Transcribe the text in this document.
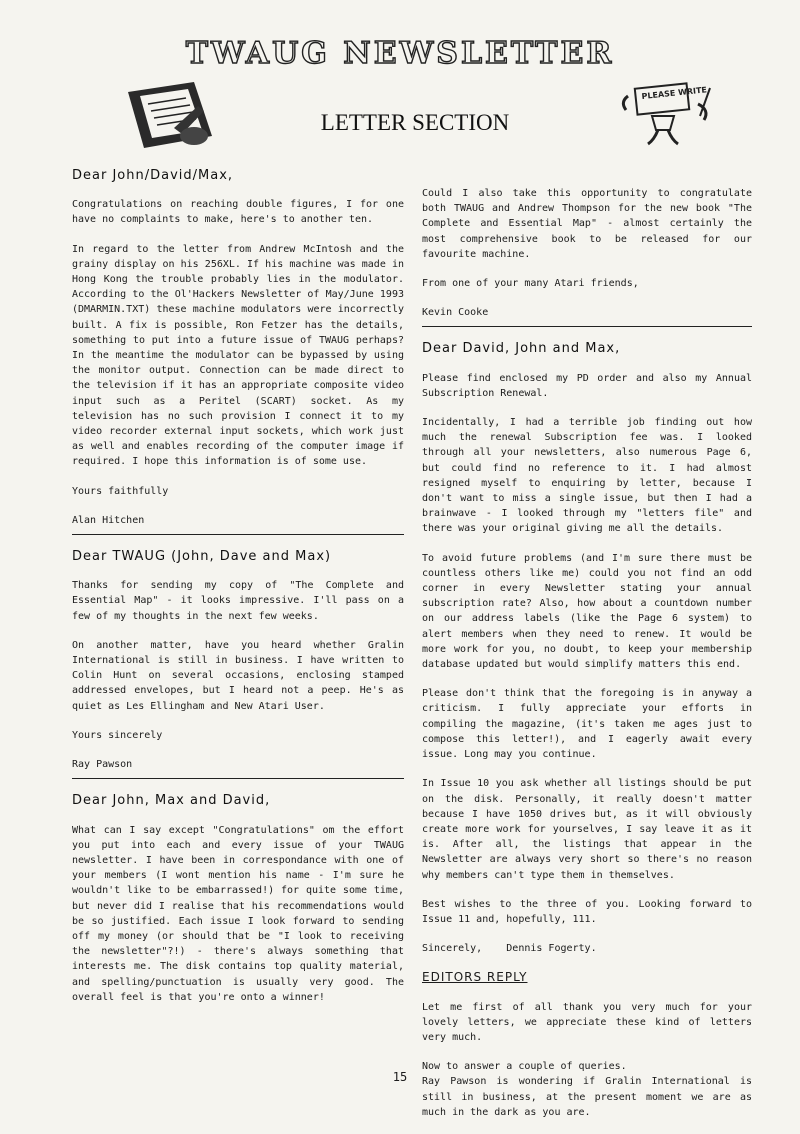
TWAUG NEWSLETTER
LETTER SECTION
PLEASE WRITE
Dear John/David/Max,

Congratulations on reaching double figures, I for one have no complaints to make, here's to another ten.

In regard to the letter from Andrew McIntosh and the grainy display on his 256XL. If his machine was made in Hong Kong the trouble probably lies in the modulator. According to the Ol'Hackers Newsletter of May/June 1993 (DMARMIN.TXT) these machine modulators were incorrectly built. A fix is possible, Ron Fetzer has the details, something to put into a future issue of TWAUG perhaps? In the meantime the modulator can be bypassed by using the monitor output. Connection can be made direct to the television if it has an appropriate composite video input such as a Peritel (SCART) socket. As my television has no such provision I connect it to my video recorder external input sockets, which work just as well and enables recording of the computer image if required. I hope this information is of some use.

Yours faithfully

Alan Hitchen
Dear TWAUG (John, Dave and Max)

Thanks for sending my copy of "The Complete and Essential Map" - it looks impressive. I'll pass on a few of my thoughts in the next few weeks.

On another matter, have you heard whether Gralin International is still in business. I have written to Colin Hunt on several occasions, enclosing stamped addressed envelopes, but I heard not a peep. He's as quiet as Les Ellingham and New Atari User.

Yours sincerely

Ray Pawson
Dear John, Max and David,

What can I say except "Congratulations" om the effort you put into each and every issue of your TWAUG newsletter. I have been in correspondance with one of your members (I wont mention his name - I'm sure he wouldn't like to be embarrassed!) for quite some time, but never did I realise that his recommendations would be so justified. Each issue I look forward to sending off my money (or should that be "I look to receiving the newsletter"?!) - there's always something that interests me. The disk contains top quality material, and spelling/punctuation is usually very good. The overall feel is that you're onto a winner!

Could I also take this opportunity to congratulate both TWAUG and Andrew Thompson for the new book "The Complete and Essential Map" - almost certainly the most comprehensive book to be released for our favourite machine.

From one of your many Atari friends,

Kevin Cooke
Dear David, John and Max,

Please find enclosed my PD order and also my Annual Subscription Renewal.

Incidentally, I had a terrible job finding out how much the renewal Subscription fee was. I looked through all your newsletters, also numerous Page 6, but could find no reference to it. I had almost resigned myself to enquiring by letter, because I don't want to miss a single issue, but then I had a brainwave - I looked through my "letters file" and there was your original giving me all the details.

To avoid future problems (and I'm sure there must be countless others like me) could you not find an odd corner in every Newsletter stating your annual subscription rate? Also, how about a countdown number on our address labels (like the Page 6 system) to alert members when they need to renew. It would be more work for you, no doubt, to keep your membership database updated but would simplify matters this end.

Please don't think that the foregoing is in anyway a criticism. I fully appreciate your efforts in compiling the magazine, (it's taken me ages just to compose this letter!), and I eagerly await every issue. Long may you continue.

In Issue 10 you ask whether all listings should be put on the disk. Personally, it really doesn't matter because I have 1050 drives but, as it will obviously create more work for yourselves, I say leave it as it is. After all, the listings that appear in the Newsletter are always very short so there's no reason why members can't type them in themselves.

Best wishes to the three of you. Looking forward to Issue 11 and, hopefully, 111.

Sincerely,    Dennis Fogerty.

EDITORS REPLY

Let me first of all thank you very much for your lovely letters, we appreciate these kind of letters very much.

Now to answer a couple of queries.

Ray Pawson is wondering if Gralin International is still in business, at the present moment we are as much in the dark as you are.

15
